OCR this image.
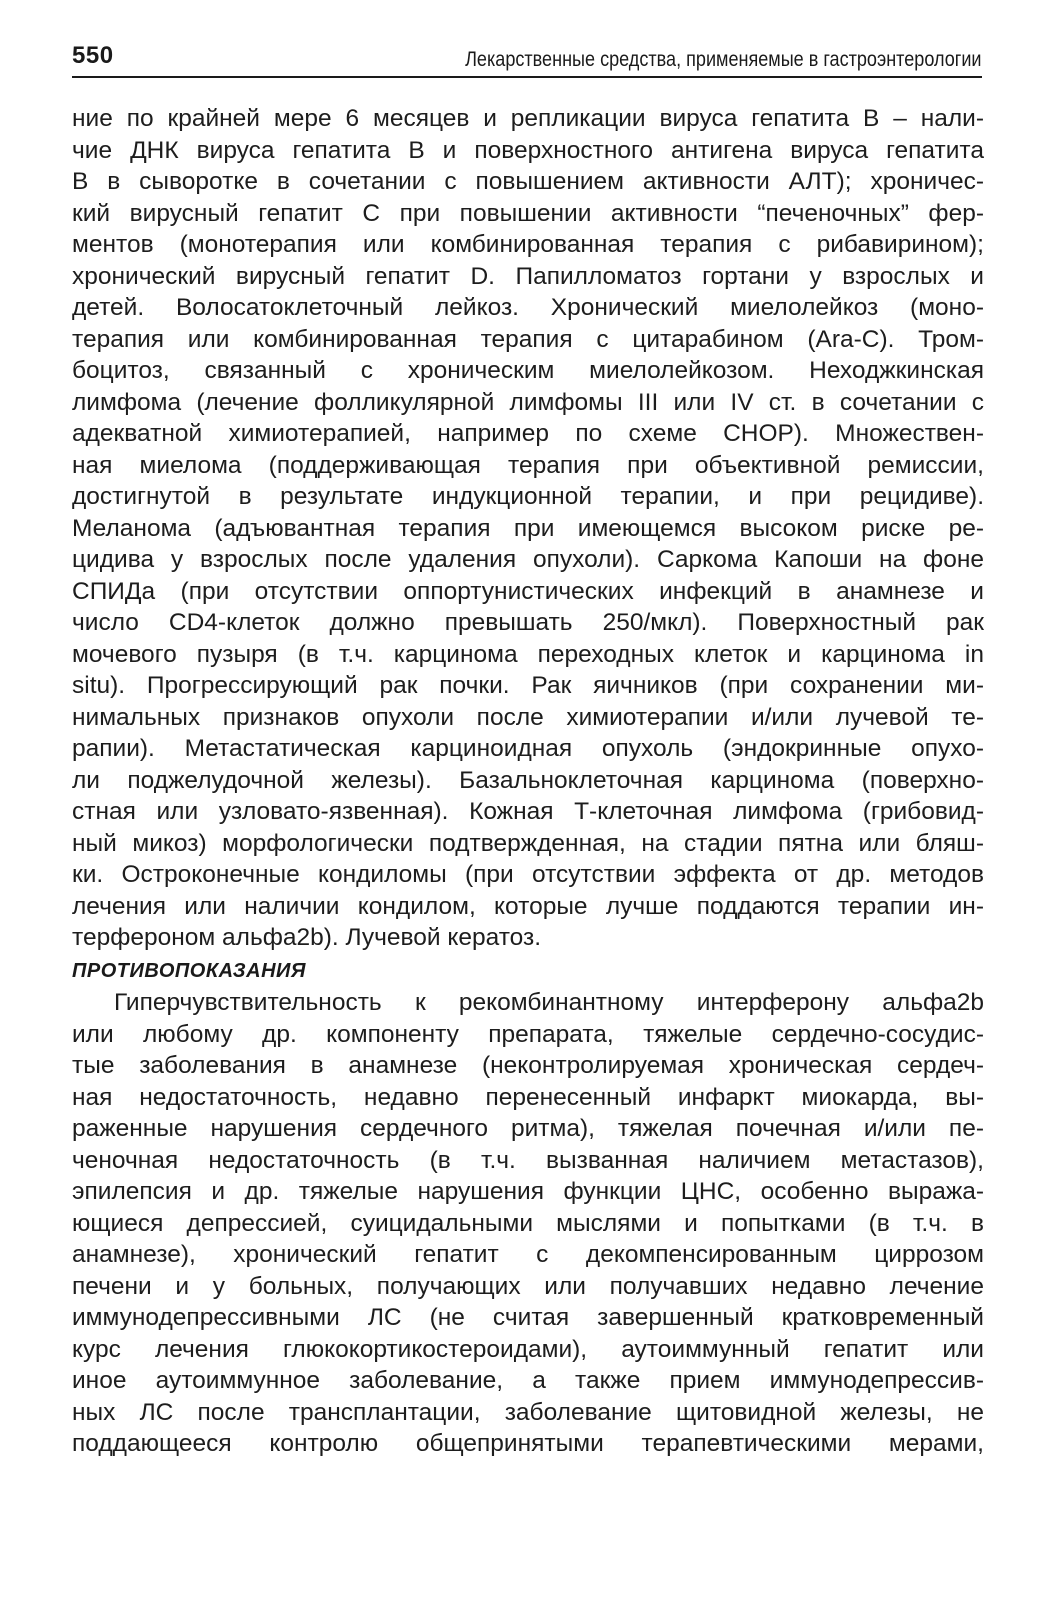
550	Лекарственные средства, применяемые в гастроэнтерологии
ние по крайней мере 6 месяцев и репликации вируса гепатита В – нали-
чие ДНК вируса гепатита В и поверхностного антигена вируса гепатита
В в сыворотке в сочетании с повышением активности АЛТ); хроничес-
кий вирусный гепатит С при повышении активности “печеночных” фер-
ментов (монотерапия или комбинированная терапия с рибавирином);
хронический вирусный гепатит D. Папилломатоз гортани у взрослых и
детей. Волосатоклеточный лейкоз. Хронический миелолейкоз (моно-
терапия или комбинированная терапия с цитарабином (Ara-C). Тром-
боцитоз, связанный с хроническим миелолейкозом. Неходжкинская
лимфома (лечение фолликулярной лимфомы III или IV ст. в сочетании с
адекватной химиотерапией, например по схеме CHOP). Множествен-
ная миелома (поддерживающая терапия при объективной ремиссии,
достигнутой в результате индукционной терапии, и при рецидиве).
Меланома (адъювантная терапия при имеющемся высоком риске ре-
цидива у взрослых после удаления опухоли). Саркома Капоши на фоне
СПИДа (при отсутствии оппортунистических инфекций в анамнезе и
число CD4-клеток должно превышать 250/мкл). Поверхностный рак
мочевого пузыря (в т.ч. карцинома переходных клеток и карцинома in
situ). Прогрессирующий рак почки. Рак яичников (при сохранении ми-
нимальных признаков опухоли после химиотерапии и/или лучевой те-
рапии). Метастатическая карциноидная опухоль (эндокринные опухо-
ли поджелудочной железы). Базальноклеточная карцинома (поверхно-
стная или узловато-язвенная). Кожная Т-клеточная лимфома (грибовид-
ный микоз) морфологически подтвержденная, на стадии пятна или бляш-
ки. Остроконечные кондиломы (при отсутствии эффекта от др. методов
лечения или наличии кондилом, которые лучше поддаются терапии ин-
терфероном альфа2b). Лучевой кератоз.
ПРОТИВОПОКАЗАНИЯ
Гиперчувствительность к рекомбинантному интерферону альфа2b
или любому др. компоненту препарата, тяжелые сердечно-сосудис-
тые заболевания в анамнезе (неконтролируемая хроническая сердеч-
ная недостаточность, недавно перенесенный инфаркт миокарда, вы-
раженные нарушения сердечного ритма), тяжелая почечная и/или пе-
ченочная недостаточность (в т.ч. вызванная наличием метастазов),
эпилепсия и др. тяжелые нарушения функции ЦНС, особенно выража-
ющиеся депрессией, суицидальными мыслями и попытками (в т.ч. в
анамнезе), хронический гепатит с декомпенсированным циррозом
печени и у больных, получающих или получавших недавно лечение
иммунодепрессивными ЛС (не считая завершенный кратковременный
курс лечения глюкокортикостероидами), аутоиммунный гепатит или
иное аутоиммунное заболевание, а также прием иммунодепрессив-
ных ЛС после трансплантации, заболевание щитовидной железы, не
поддающееся контролю общепринятыми терапевтическими мерами,
